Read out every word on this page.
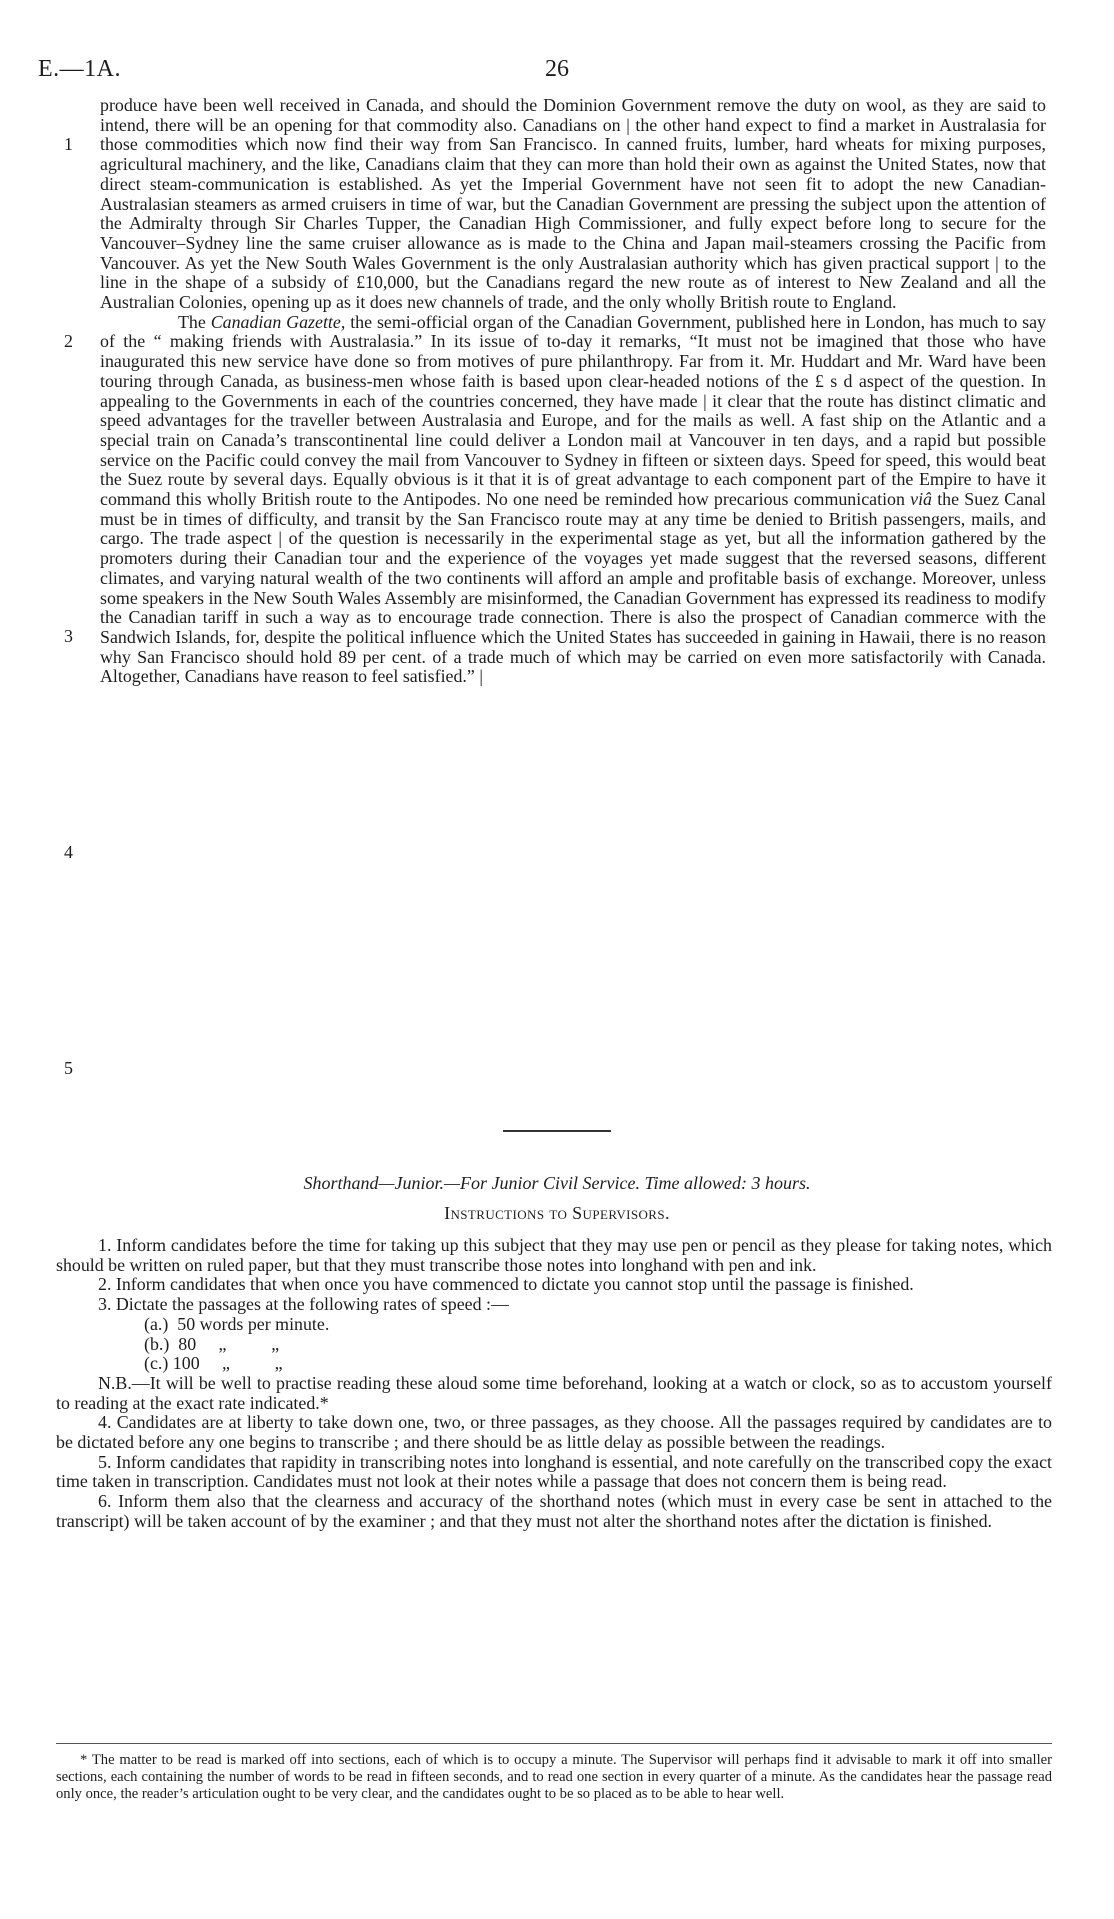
E.—1A.	26
1
2
3
4
5

produce have been well received in Canada, and should the Dominion Government remove the duty on wool, as they are said to intend, there will be an opening for that commodity also. Canadians on | the other hand expect to find a market in Australasia for those commodities which now find their way from San Francisco. In canned fruits, lumber, hard wheats for mixing purposes, agricultural machinery, and the like, Canadians claim that they can more than hold their own as against the United States, now that direct steam-communication is established. As yet the Imperial Government have not seen fit to adopt the new Canadian-Australasian steamers as armed cruisers in time of war, but the Canadian Government are pressing the subject upon the attention of the Admiralty through Sir Charles Tupper, the Canadian High Commissioner, and fully expect before long to secure for the Vancouver–Sydney line the same cruiser allowance as is made to the China and Japan mail-steamers crossing the Pacific from Vancouver. As yet the New South Wales Government is the only Australasian authority which has given practical support | to the line in the shape of a subsidy of £10,000, but the Canadians regard the new route as of interest to New Zealand and all the Australian Colonies, opening up as it does new channels of trade, and the only wholly British route to England.

The Canadian Gazette, the semi-official organ of the Canadian Government, published here in London, has much to say of the “ making friends with Australasia.” In its issue of to-day it remarks, “It must not be imagined that those who have inaugurated this new service have done so from motives of pure philanthropy. Far from it. Mr. Huddart and Mr. Ward have been touring through Canada, as business-men whose faith is based upon clear-headed notions of the £ s d aspect of the question. In appealing to the Governments in each of the countries concerned, they have made | it clear that the route has distinct climatic and speed advantages for the traveller between Australasia and Europe, and for the mails as well. A fast ship on the Atlantic and a special train on Canada’s transcontinental line could deliver a London mail at Vancouver in ten days, and a rapid but possible service on the Pacific could convey the mail from Vancouver to Sydney in fifteen or sixteen days. Speed for speed, this would beat the Suez route by several days. Equally obvious is it that it is of great advantage to each component part of the Empire to have it command this wholly British route to the Antipodes. No one need be reminded how precarious communication viâ the Suez Canal must be in times of difficulty, and transit by the San Francisco route may at any time be denied to British passengers, mails, and cargo. The trade aspect | of the question is necessarily in the experimental stage as yet, but all the information gathered by the promoters during their Canadian tour and the experience of the voyages yet made suggest that the reversed seasons, different climates, and varying natural wealth of the two continents will afford an ample and profitable basis of exchange. Moreover, unless some speakers in the New South Wales Assembly are misinformed, the Canadian Government has expressed its readiness to modify the Canadian tariff in such a way as to encourage trade connection. There is also the prospect of Canadian commerce with the Sandwich Islands, for, despite the political influence which the United States has succeeded in gaining in Hawaii, there is no reason why San Francisco should hold 89 per cent. of a trade much of which may be carried on even more satisfactorily with Canada. Altogether, Canadians have reason to feel satisfied.” |

Shorthand—Junior.—For Junior Civil Service. Time allowed: 3 hours.
Instructions to Supervisors.

1. Inform candidates before the time for taking up this subject that they may use pen or pencil as they please for taking notes, which should be written on ruled paper, but that they must transcribe those notes into longhand with pen and ink.

2. Inform candidates that when once you have commenced to dictate you cannot stop until the passage is finished.

3. Dictate the passages at the following rates of speed :—

(a.)  50 words per minute.
(b.)  80     „          „
(c.) 100     „          „

N.B.—It will be well to practise reading these aloud some time beforehand, looking at a watch or clock, so as to accustom yourself to reading at the exact rate indicated.*

4. Candidates are at liberty to take down one, two, or three passages, as they choose. All the passages required by candidates are to be dictated before any one begins to transcribe ; and there should be as little delay as possible between the readings.

5. Inform candidates that rapidity in transcribing notes into longhand is essential, and note carefully on the transcribed copy the exact time taken in transcription. Candidates must not look at their notes while a passage that does not concern them is being read.

6. Inform them also that the clearness and accuracy of the shorthand notes (which must in every case be sent in attached to the transcript) will be taken account of by the examiner ; and that they must not alter the shorthand notes after the dictation is finished.

* The matter to be read is marked off into sections, each of which is to occupy a minute. The Supervisor will perhaps find it advisable to mark it off into smaller sections, each containing the number of words to be read in fifteen seconds, and to read one section in every quarter of a minute. As the candidates hear the passage read only once, the reader’s articulation ought to be very clear, and the candidates ought to be so placed as to be able to hear well.
